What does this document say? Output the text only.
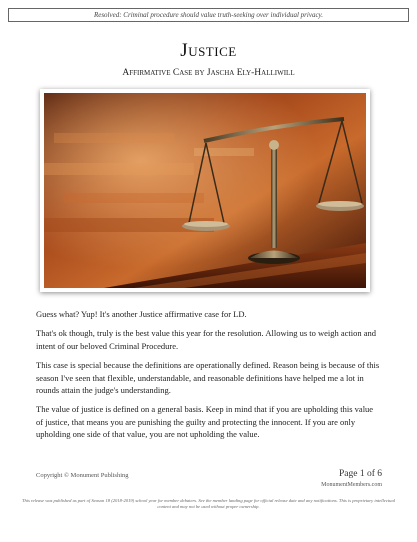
Resolved: Criminal procedure should value truth-seeking over individual privacy.
Justice
Affirmative Case by Jascha Ely-Halliwill

Guess what? Yup! It's another Justice affirmative case for LD.

That's ok though, truly is the best value this year for the resolution. Allowing us to weigh action and intent of our beloved Criminal Procedure.

This case is special because the definitions are operationally defined. Reason being is because of this season I've seen that flexible, understandable, and reasonable definitions have helped me a lot in rounds attain the judge's understanding.

The value of justice is defined on a general basis. Keep in mind that if you are upholding this value of justice, that means you are punishing the guilty and protecting the innocent. If you are only upholding one side of that value, you are not upholding the value.

Copyright © Monument Publishing	Page 1 of 6
MonumentMembers.com
This release was published as part of Season 18 (2018-2019) school year for member debaters. See the member landing page for official release date and any notifications. This is proprietary intellectual content and may not be used without proper ownership.
